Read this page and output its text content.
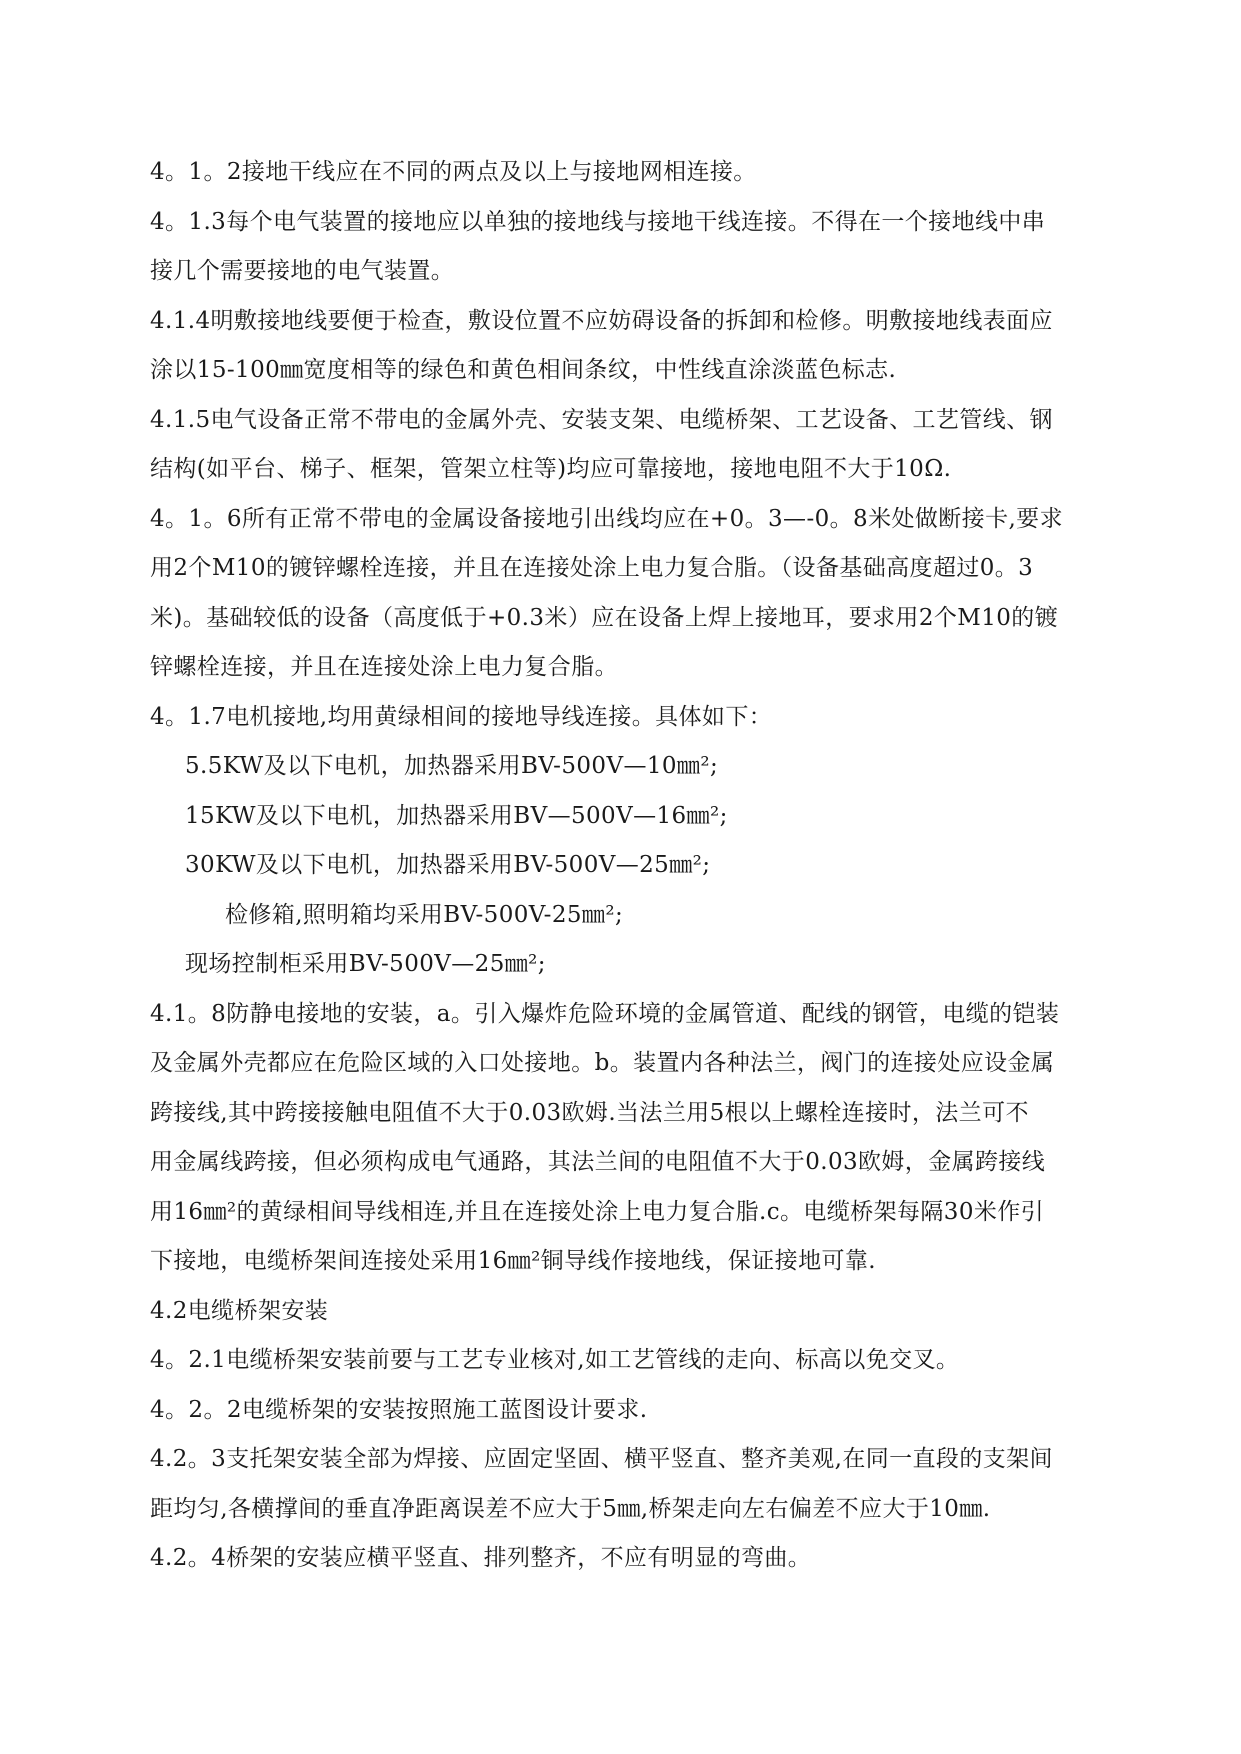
4。1。2接地干线应在不同的两点及以上与接地网相连接。
4。1.3每个电气装置的接地应以单独的接地线与接地干线连接。不得在一个接地线中串
接几个需要接地的电气装置。
4.1.4明敷接地线要便于检查，敷设位置不应妨碍设备的拆卸和检修。明敷接地线表面应
涂以15-100㎜宽度相等的绿色和黄色相间条纹，中性线直涂淡蓝色标志.
4.1.5电气设备正常不带电的金属外壳、安装支架、电缆桥架、工艺设备、工艺管线、钢
结构(如平台、梯子、框架，管架立柱等)均应可靠接地，接地电阻不大于10Ω.
4。1。6所有正常不带电的金属设备接地引出线均应在+0。3—-0。8米处做断接卡,要求
用2个M10的镀锌螺栓连接，并且在连接处涂上电力复合脂。（设备基础高度超过0。3
米)。基础较低的设备（高度低于+0.3米）应在设备上焊上接地耳，要求用2个M10的镀
锌螺栓连接，并且在连接处涂上电力复合脂。
4。1.7电机接地,均用黄绿相间的接地导线连接。具体如下：
5.5KW及以下电机，加热器采用BV-500V—10㎜²;
15KW及以下电机，加热器采用BV—500V—16㎜²;
30KW及以下电机，加热器采用BV-500V—25㎜²;
检修箱,照明箱均采用BV-500V-25㎜²;
现场控制柜采用BV-500V—25㎜²;
4.1。8防静电接地的安装，a。引入爆炸危险环境的金属管道、配线的钢管，电缆的铠装
及金属外壳都应在危险区域的入口处接地。b。装置内各种法兰，阀门的连接处应设金属
跨接线,其中跨接接触电阻值不大于0.03欧姆.当法兰用5根以上螺栓连接时，法兰可不
用金属线跨接，但必须构成电气通路，其法兰间的电阻值不大于0.03欧姆，金属跨接线
用16㎜²的黄绿相间导线相连,并且在连接处涂上电力复合脂.c。电缆桥架每隔30米作引
下接地，电缆桥架间连接处采用16㎜²铜导线作接地线，保证接地可靠.
4.2电缆桥架安装
4。2.1电缆桥架安装前要与工艺专业核对,如工艺管线的走向、标高以免交叉。
4。2。2电缆桥架的安装按照施工蓝图设计要求.
4.2。3支托架安装全部为焊接、应固定坚固、横平竖直、整齐美观,在同一直段的支架间
距均匀,各横撑间的垂直净距离误差不应大于5㎜,桥架走向左右偏差不应大于10㎜.
4.2。4桥架的安装应横平竖直、排列整齐，不应有明显的弯曲。
